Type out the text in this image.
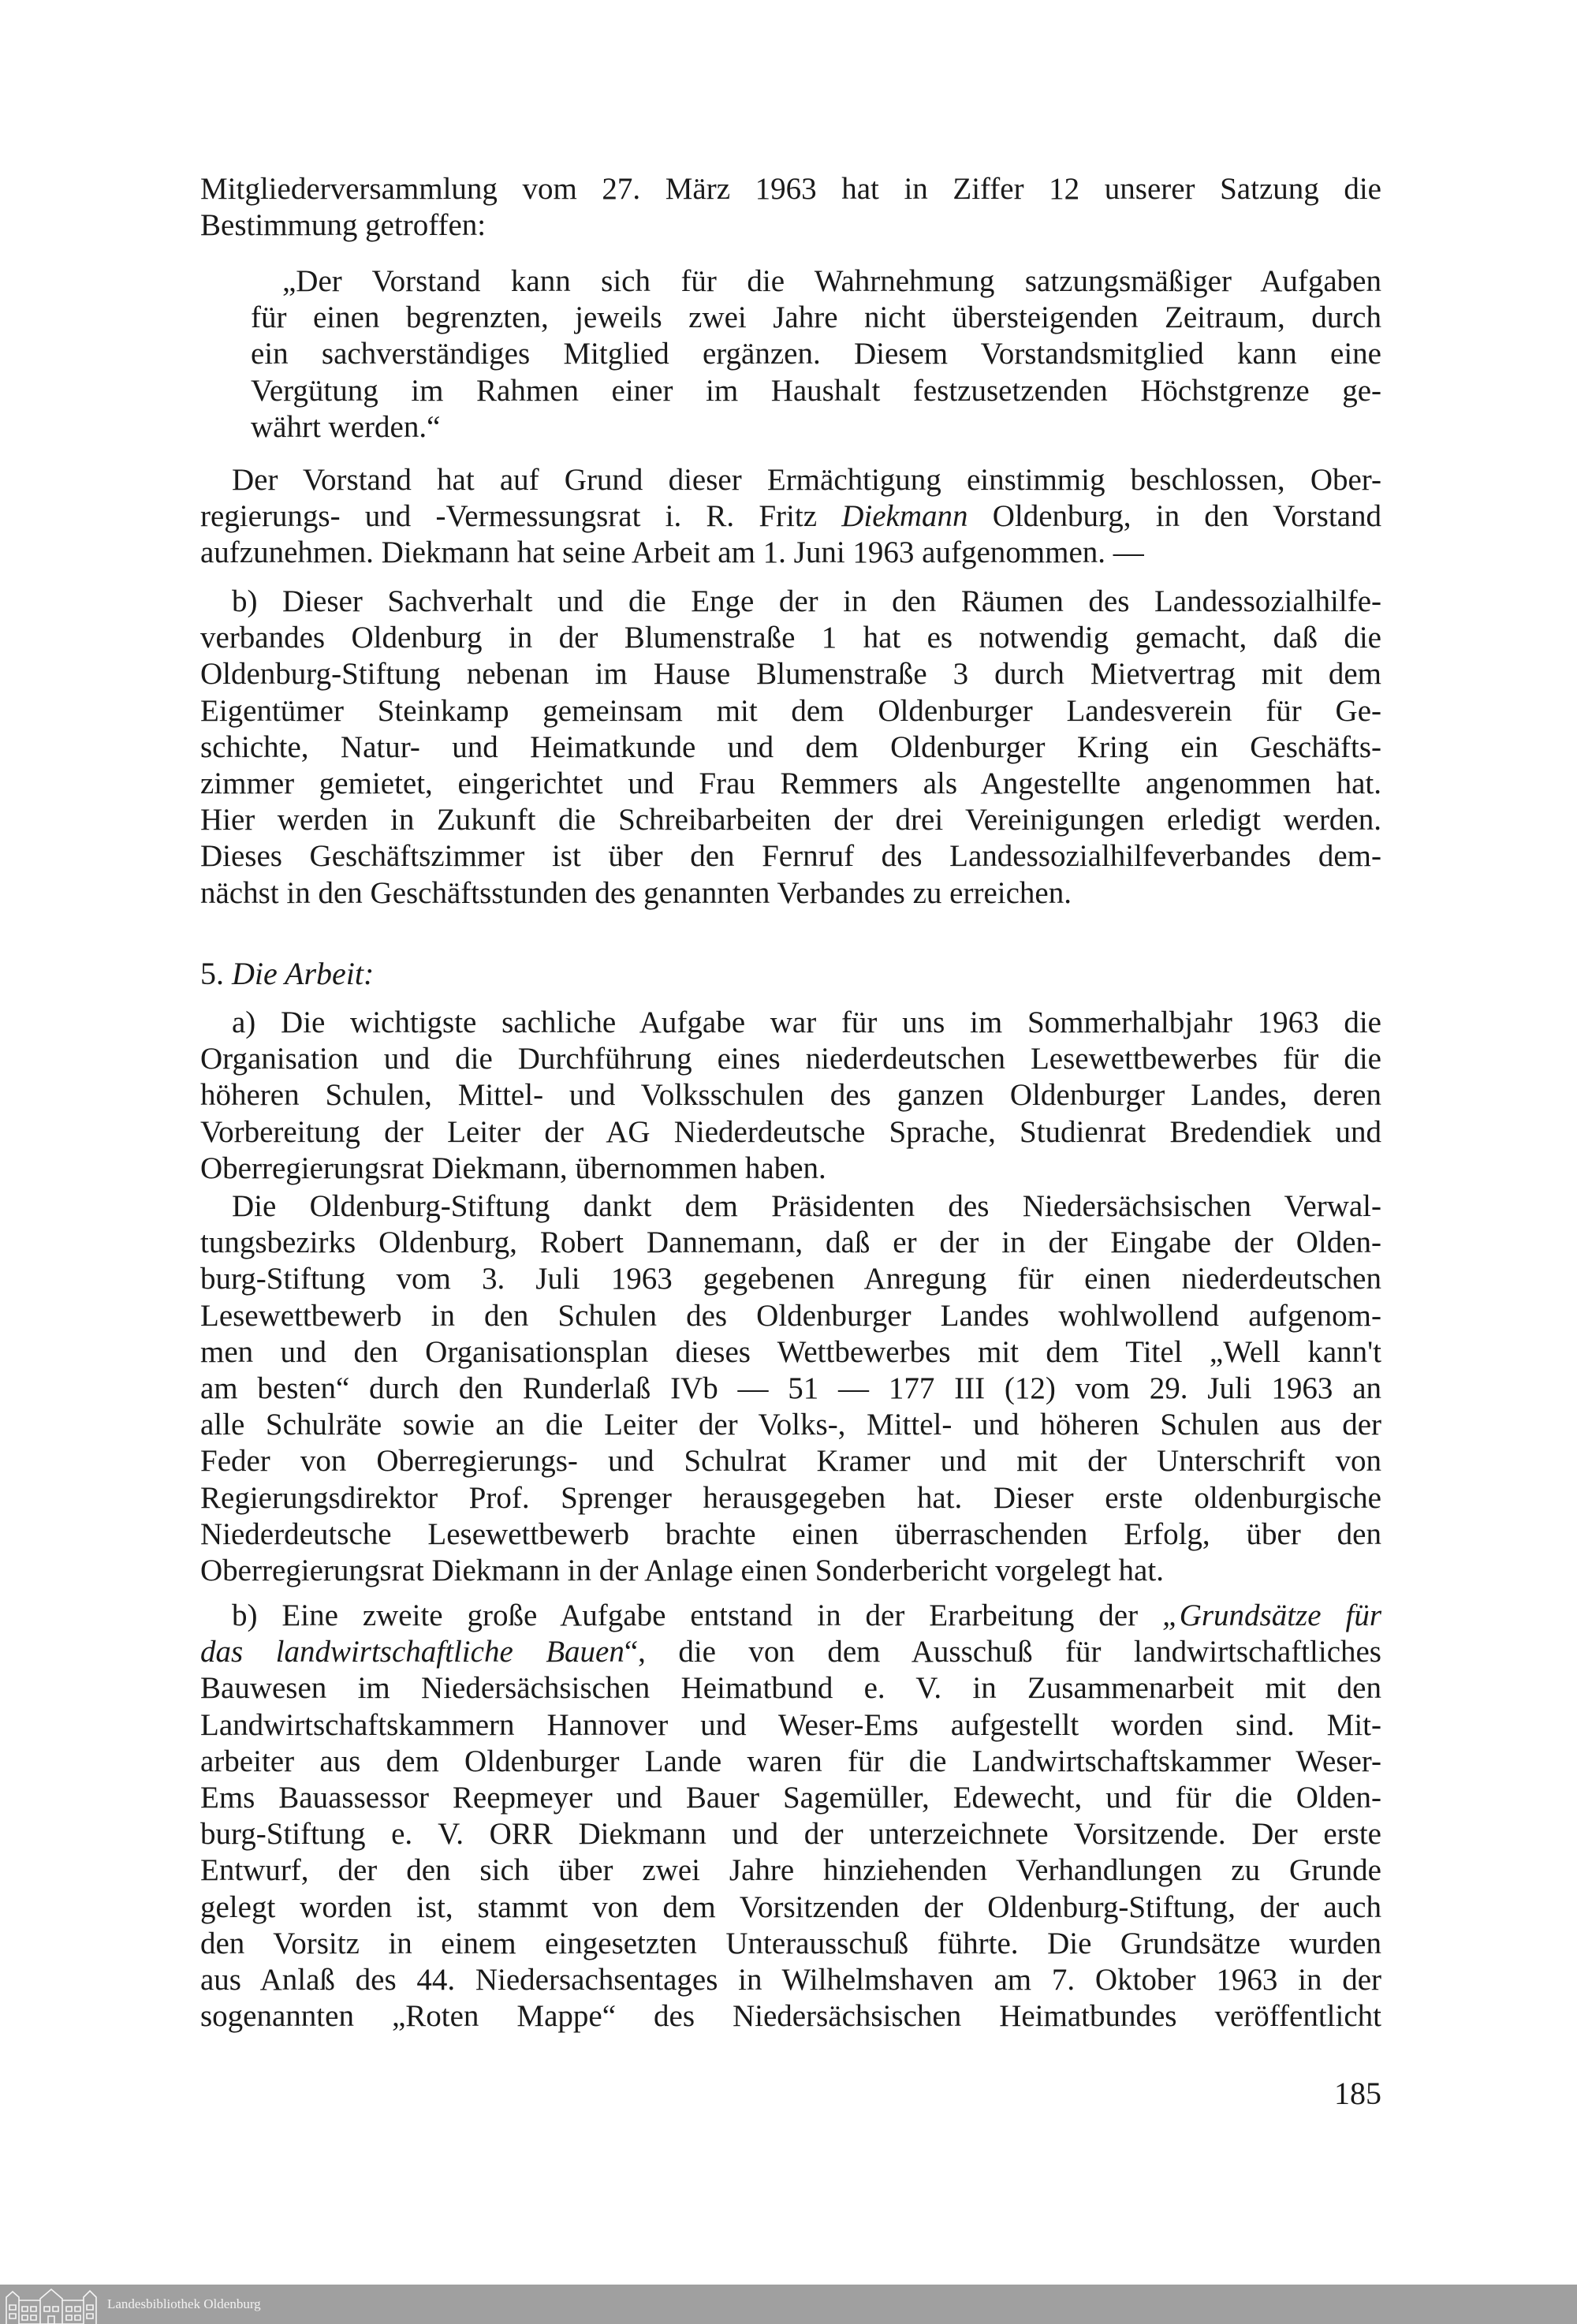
Mitgliederversammlung vom 27. März 1963 hat in Ziffer 12 unserer Satzung die
Bestimmung getroffen:
„Der Vorstand kann sich für die Wahrnehmung satzungsmäßiger Aufgaben
für einen begrenzten, jeweils zwei Jahre nicht übersteigenden Zeitraum, durch
ein sachverständiges Mitglied ergänzen. Diesem Vorstandsmitglied kann eine
Vergütung im Rahmen einer im Haushalt festzusetzenden Höchstgrenze ge-
währt werden.“
Der Vorstand hat auf Grund dieser Ermächtigung einstimmig beschlossen, Ober-
regierungs- und -Vermessungsrat i. R. Fritz Diekmann Oldenburg, in den Vorstand
aufzunehmen. Diekmann hat seine Arbeit am 1. Juni 1963 aufgenommen. —
b) Dieser Sachverhalt und die Enge der in den Räumen des Landessozialhilfe-
verbandes Oldenburg in der Blumenstraße 1 hat es notwendig gemacht, daß die
Oldenburg-Stiftung nebenan im Hause Blumenstraße 3 durch Mietvertrag mit dem
Eigentümer Steinkamp gemeinsam mit dem Oldenburger Landesverein für Ge-
schichte, Natur- und Heimatkunde und dem Oldenburger Kring ein Geschäfts-
zimmer gemietet, eingerichtet und Frau Remmers als Angestellte angenommen hat.
Hier werden in Zukunft die Schreibarbeiten der drei Vereinigungen erledigt werden.
Dieses Geschäftszimmer ist über den Fernruf des Landessozialhilfeverbandes dem-
nächst in den Geschäftsstunden des genannten Verbandes zu erreichen.
5. Die Arbeit:
a) Die wichtigste sachliche Aufgabe war für uns im Sommerhalbjahr 1963 die
Organisation und die Durchführung eines niederdeutschen Lesewettbewerbes für die
höheren Schulen, Mittel- und Volksschulen des ganzen Oldenburger Landes, deren
Vorbereitung der Leiter der AG Niederdeutsche Sprache, Studienrat Bredendiek und
Oberregierungsrat Diekmann, übernommen haben.
Die Oldenburg-Stiftung dankt dem Präsidenten des Niedersächsischen Verwal-
tungsbezirks Oldenburg, Robert Dannemann, daß er der in der Eingabe der Olden-
burg-Stiftung vom 3. Juli 1963 gegebenen Anregung für einen niederdeutschen
Lesewettbewerb in den Schulen des Oldenburger Landes wohlwollend aufgenom-
men und den Organisationsplan dieses Wettbewerbes mit dem Titel „Well kann't
am besten“ durch den Runderlaß IVb — 51 — 177 III (12) vom 29. Juli 1963 an
alle Schulräte sowie an die Leiter der Volks-, Mittel- und höheren Schulen aus der
Feder von Oberregierungs- und Schulrat Kramer und mit der Unterschrift von
Regierungsdirektor Prof. Sprenger herausgegeben hat. Dieser erste oldenburgische
Niederdeutsche Lesewettbewerb brachte einen überraschenden Erfolg, über den
Oberregierungsrat Diekmann in der Anlage einen Sonderbericht vorgelegt hat.
b) Eine zweite große Aufgabe entstand in der Erarbeitung der „Grundsätze für
das landwirtschaftliche Bauen“, die von dem Ausschuß für landwirtschaftliches
Bauwesen im Niedersächsischen Heimatbund e. V. in Zusammenarbeit mit den
Landwirtschaftskammern Hannover und Weser-Ems aufgestellt worden sind. Mit-
arbeiter aus dem Oldenburger Lande waren für die Landwirtschaftskammer Weser-
Ems Bauassessor Reepmeyer und Bauer Sagemüller, Edewecht, und für die Olden-
burg-Stiftung e. V. ORR Diekmann und der unterzeichnete Vorsitzende. Der erste
Entwurf, der den sich über zwei Jahre hinziehenden Verhandlungen zu Grunde
gelegt worden ist, stammt von dem Vorsitzenden der Oldenburg-Stiftung, der auch
den Vorsitz in einem eingesetzten Unterausschuß führte. Die Grundsätze wurden
aus Anlaß des 44. Niedersachsentages in Wilhelmshaven am 7. Oktober 1963 in der
sogenannten „Roten Mappe“ des Niedersächsischen Heimatbundes veröffentlicht
185
Landesbibliothek Oldenburg
